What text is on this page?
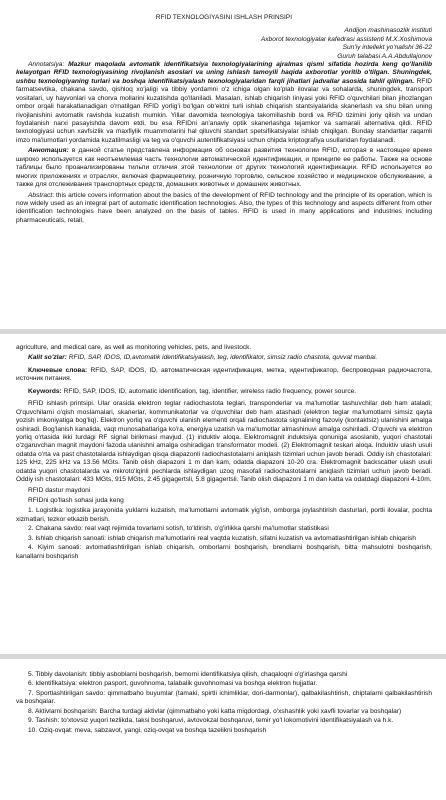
RFID TEXNOLOGIYASINI ISHLASH PRINSIPI

Andijon mashinasozlik instituti

Axborot texnologiyalar kafedrasi assistenti M.X.Xoshimova

Sun'iy intellekt yo'nalishi 36-22

Guruh talabasi A.A.Abdullajonov

Annotatsiya: Mazkur maqolada avtomatik identifikatsiya texnologiyalarining ajralmas qismi sifatida hozirda keng qo'llanilib kelayotgan RFID texnologiyasining rivojlanish asoslari va uning ishlash tamoyili haqida axborotlar yoritib o'tilgan. Shuningdek, ushbu texnologiyaning turlari va boshqa identifikatsiyalash texnologiyalaridan farqli jihatlari jadvallar asosida tahlil qilingan. RFID farmatsevtika, chakana savdo, qishloq xo'jaligi va tibbiy yordamni o'z ichiga olgan ko'plab ilovalar va sohalarda, shuningdek, transport vositalari, uy hayvonlari va chorva mollarini kuzatishda qo'llaniladi. Masalan, ishlab chiqarish liniyasi yoki RFID o'quvchilari bilan jihozlangan ombor orqali harakatlanadigan o'rnatilgan RFID yorlig'i bo'lgan ob'ektni turli ishlab chiqarish stantsiyalarida skanerlash va shu bilan uning rivojlanishini avtomatik ravishda kuzatish mumkin. Yillar davomida texnologiya takomillashib bordi va RFID tizimini joriy qilish va undan foydalanish narxi pasayishda davom etdi, bu esa RFIDni an'anaviy optik skanerlashga tejamkor va samarali alternativa qildi. RFID texnologiyasi uchun xavfsizlik va maxfiylik muammolarini hal qiluvchi standart spetsifikatsiyalar ishlab chiqilgan. Bunday standartlar raqamli imzo ma'lumotlari yordamida kuzatilmasligi va teg va o'quvchi autentifikatsiyasi uchun chipda kriptografiya usullaridan foydalanadi.

Аннотация: в данной статье представлена информация об основах развития технологии RFID, которая в настоящее время широко используется как неотъемлемая часть технологии автоматической идентификации, и принципе ее работы. Также на основе таблицы было проанализированы тильпи отличия этой технологии от других технологий идентификации. RFID используется во многих приложениях и отраслях, включая фармацевтику, розничную торговлю, сельское хозяйство и медицинское обслуживание, а также для отслеживания транспортных средств, домашних животных и домашних животных.

Abstract: this article covers information about the basics of the development of RFID technology and the principle of its operation, which is now widely used as an integral part of automatic identification technologies. Also, the types of this technology and aspects different from other identification technologies have been analyzed on the basis of tables. RFID is used in many applications and industries including pharmaceuticals, retail,

agriculture, and medical care, as well as monitoring vehicles, pets, and livestock.

Kalit so'zlar: RFID, SAP, IDOS, ID,avtomatik identifikatsiyalash, teg, identifikator, simsiz radio chastota, quvvat manbai.

Ключевые слова: RFID, SAP, IDOS, ID, автоматическая идентификация, метка, идентификатор, беспроводная радиочастота, источник питания.

Keywords: RFID, SAP, IDOS, ID, automatic identification, tag, identifier, wireless radio frequency, power source.

RFID ishlash printsipi. Ular orasida elektron teglar radiochastota teglari, transponderlar va ma'lumotlar tashuvchilar deb ham ataladi; O'quvchilarni o'qish moslamalari, skanerlar, kommunikatorlar va o'quvchilar deb ham atashadi (elektron teglar ma'lumotlarni simsiz qayta yozish imkoniyatiga bog'liq). Elektron yorliq va o'quvchi ulanish elementi orqali radiochastota signalining fazoviy (kontaktsiz) ulanishini amalga oshiradi. Bog'lanish kanalida, vaqt munosabatlariga ko'ra, energiya uzatish va ma'lumotlar almashinuvi amalga oshiriladi. O'quvchi va elektron yorliq o'rtasida ikki turdagi RF signal birikmasi mavjud. (1) induktiv aloqa. Elektromagnit induktsiya qonuniga asoslanib, yuqori chastotali o'zgaruvchan magnit maydoni fazoda ulanishni amalga oshiradigan transformator modeli. (2) Elektromagnit teskari aloqa. Induktiv ulash usuli odatda o'rta va past chastotalarda ishlaydigan qisqa diapazonli radiochastotalarni aniqlash tizimlari uchun javob beradi. Oddiy ish chastotalari: 125 kHz, 225 kHz va 13.56 MGts. Tanib olish diapazoni 1 m dan kam, odatda diapazoni 10-20 cra. Elektromagnit backscatter ulash usuli odatda yuqori chastotalarda va mikroto'lqinli pechlarda ishlaydigan uzoq masofali radiochastotalarni aniqlash tizimlari uchun javob beradi. Oddiy ish chastotalari: 433 MGts, 915 MGts, 2.45 gigagertsli, 5.8 gigagertsli. Tanib olish diapazoni 1 m dan katta va odatdagi diapazoni 4-10m.

RFID dastur maydoni

RFIDni qo'llash sohasi juda keng

1. Logistika: logistika jarayonida yuklarni kuzatish, ma'lumotlarni avtomatik yig'ish, omborga joylashtirish dasturlari, portli ilovalar, pochta xizmatlari, tezkor etkazib berish.
2. Chakana savdo: real vaqt rejimida tovarlarni sotish, to'ldirish, o'g'irlikka qarshi ma'lumotlar statistikasi
3. Ishlab chiqarish sanoati: ishlab chiqarish ma'lumotlarini real vaqtda kuzatish, sifatni kuzatish va avtomatlashtirilgan ishlab chiqarish
4. Kiyim sanoati: avtomatlashtirilgan ishlab chiqarish, omborlarni boshqarish, brendlarni boshqarish, bitta mahsulotni boshqarish, kanallarni boshqarish
5. Tibbiy davolanish: tibbiy asboblarni boshqarish, bemorni identifikatsiya qilish, chaqaloqni o'g'irlashga qarshi
6. Identifikatsiya: elektron pasport, guvohnoma, talabalik guvohnomasi va boshqa elektron hujjatlar.
7. Sportlashtirilgan savdo: qimmatbaho buyumlar (tamaki, spirtli ichimliklar, dori-darmonlar), qalbakilashtirish, chiptalarni qalbakilashtirish va boshqalar.
8. Aktivlarni boshqarish: Barcha turdagi aktivlar (qimmatbaho yoki katta miqdordagi, o'xshashlik yoki xavfli tovarlar va boshqalar)
9. Tashish: to'xtovsiz yuqori tezlikda, taksi boshqaruvi, avtovokzal boshqaruvi, temir yo'l lokomotivini identifikatsiyalash va h.k.
10. Oziq-ovqat: meva, sabzavot, yangi, oziq-ovqat va boshqa tazelikni boshqarish
